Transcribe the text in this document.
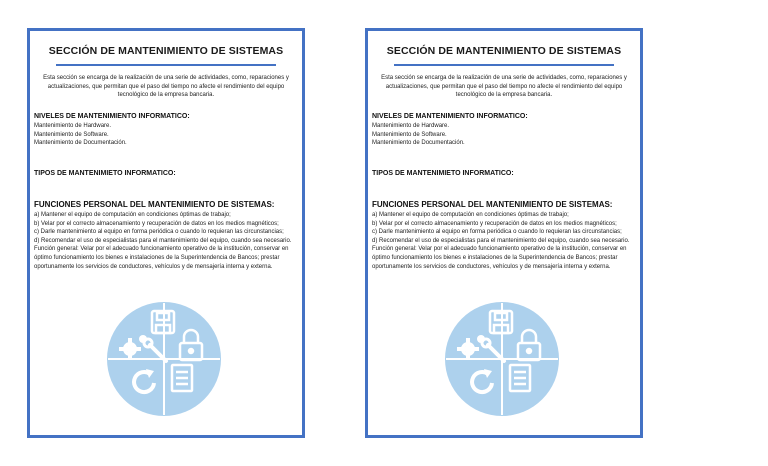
SECCIÓN DE MANTENIMIENTO DE SISTEMAS
Esta sección se encarga de la realización de una serie de actividades, como, reparaciones y actualizaciones, que permitan que el paso del tiempo no afecte el rendimiento del equipo tecnológico de la empresa bancaria.
NIVELES DE MANTENIMIENTO INFORMATICO:
Mantenimiento de Hardware.
Mantenimiento de Software.
Mantenimiento de Documentación.
TIPOS DE MANTENIMIETO INFORMATICO:
FUNCIONES PERSONAL DEL MANTENIMIENTO DE SISTEMAS:
a) Mantener el equipo de computación en condiciones óptimas de trabajo;
b) Velar por el correcto almacenamiento y recuperación de datos en los medios magnéticos;
c) Darle mantenimiento al equipo en forma periódica o cuando lo requieran las circunstancias;
d) Recomendar el uso de especialistas para el mantenimiento del equipo, cuando sea necesario.
Función general: Velar por el adecuado funcionamiento operativo de la institución, conservar en óptimo funcionamiento los bienes e instalaciones de la Superintendencia de Bancos; prestar oportunamente los servicios de conductores, vehículos y de mensajería interna y externa.
SECCIÓN DE MANTENIMIENTO DE SISTEMAS
Esta sección se encarga de la realización de una serie de actividades, como, reparaciones y actualizaciones, que permitan que el paso del tiempo no afecte el rendimiento del equipo tecnológico de la empresa bancaria.
NIVELES DE MANTENIMIENTO INFORMATICO:
Mantenimiento de Hardware.
Mantenimiento de Software.
Mantenimiento de Documentación.
TIPOS DE MANTENIMIETO INFORMATICO:
FUNCIONES PERSONAL DEL MANTENIMIENTO DE SISTEMAS:
a) Mantener el equipo de computación en condiciones óptimas de trabajo;
b) Velar por el correcto almacenamiento y recuperación de datos en los medios magnéticos;
c) Darle mantenimiento al equipo en forma periódica o cuando lo requieran las circunstancias;
d) Recomendar el uso de especialistas para el mantenimiento del equipo, cuando sea necesario.
Función general: Velar por el adecuado funcionamiento operativo de la institución, conservar en óptimo funcionamiento los bienes e instalaciones de la Superintendencia de Bancos; prestar oportunamente los servicios de conductores, vehículos y de mensajería interna y externa.
